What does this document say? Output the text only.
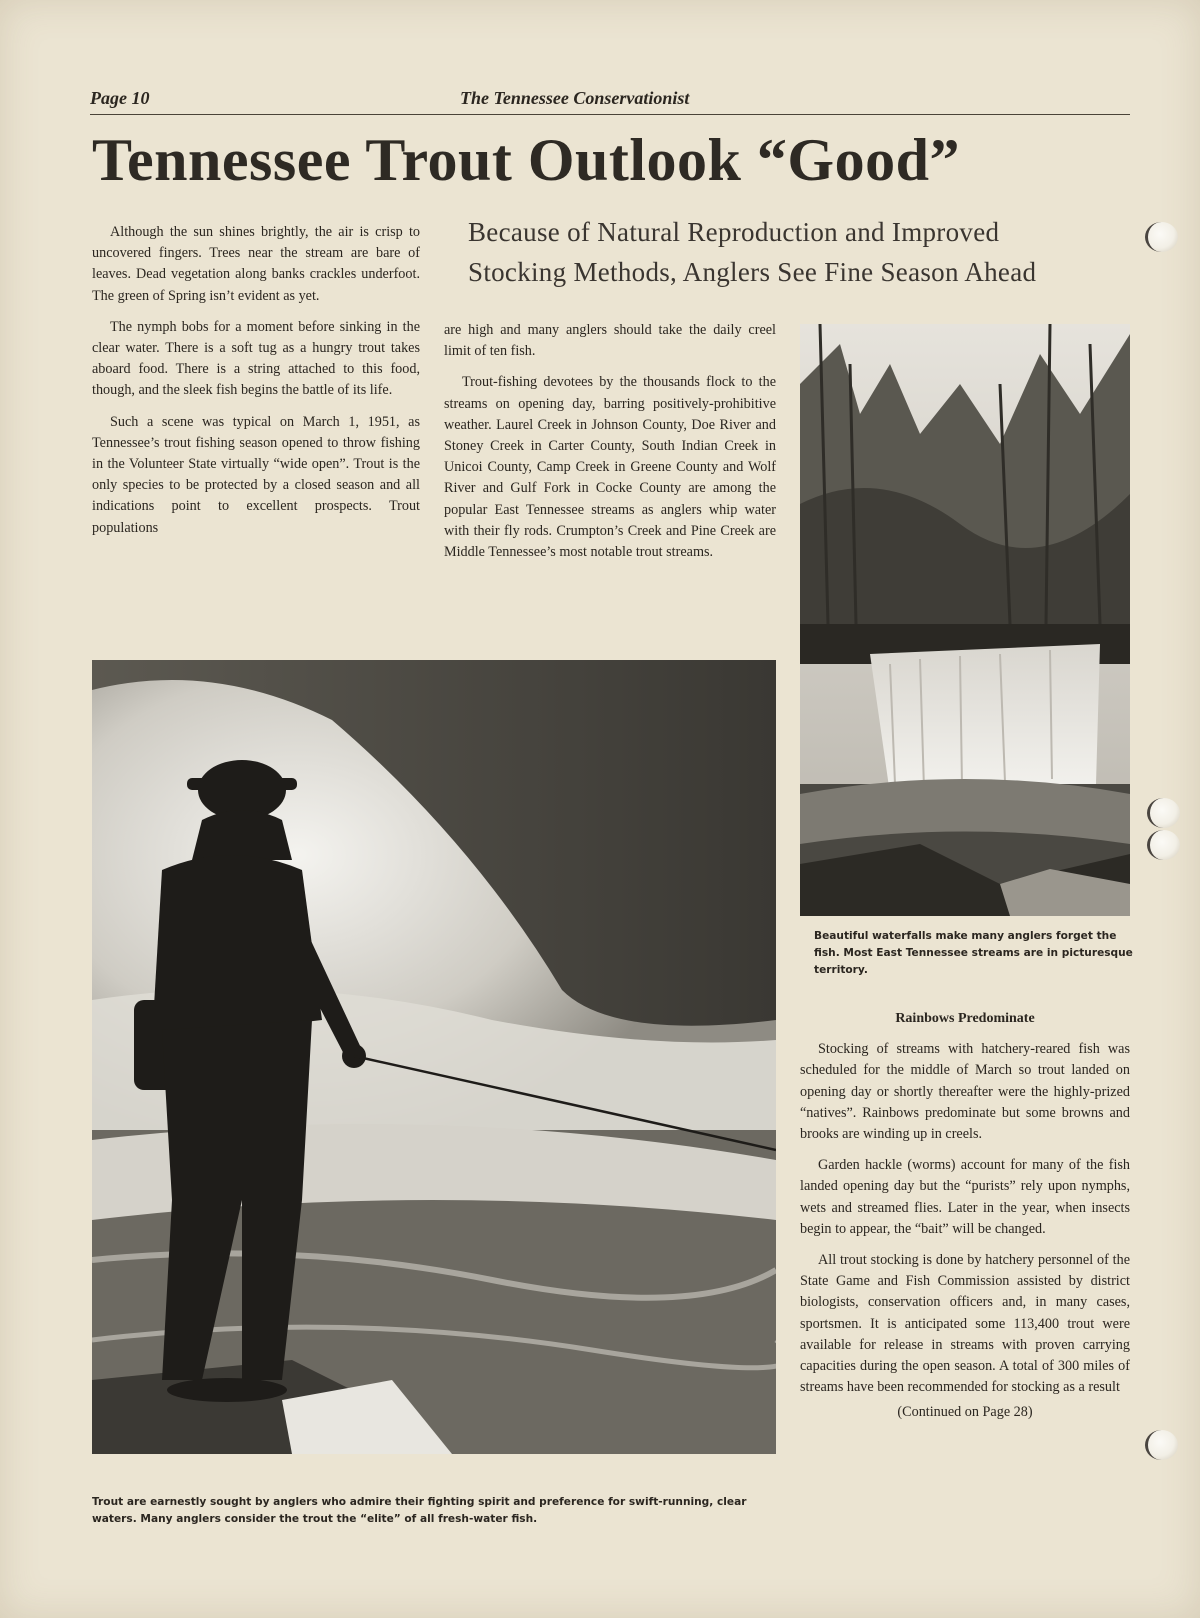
Page 10	The Tennessee Conservationist
Tennessee Trout Outlook “Good”
Because of Natural Reproduction and Improved
Stocking Methods, Anglers See Fine Season Ahead

Although the sun shines brightly, the air is crisp to uncovered fingers. Trees near the stream are bare of leaves. Dead vegetation along banks crackles underfoot. The green of Spring isn’t evident as yet.

The nymph bobs for a moment before sinking in the clear water. There is a soft tug as a hungry trout takes aboard food. There is a string attached to this food, though, and the sleek fish begins the battle of its life.

Such a scene was typical on March 1, 1951, as Tennessee’s trout fishing season opened to throw fishing in the Volunteer State virtually “wide open”. Trout is the only species to be protected by a closed season and all indications point to excellent prospects. Trout populations

are high and many anglers should take the daily creel limit of ten fish.

Trout-fishing devotees by the thousands flock to the streams on opening day, barring positively-prohibitive weather. Laurel Creek in Johnson County, Doe River and Stoney Creek in Carter County, South Indian Creek in Unicoi County, Camp Creek in Greene County and Wolf River and Gulf Fork in Cocke County are among the popular East Tennessee streams as anglers whip water with their fly rods. Crumpton’s Creek and Pine Creek are Middle Tennessee’s most notable trout streams.

Beautiful waterfalls make many anglers forget the fish. Most East Tennessee streams are in picturesque territory.
Trout are earnestly sought by anglers who admire their fighting spirit and preference for swift-running, clear waters. Many anglers consider the trout the “elite” of all fresh-water fish.

Rainbows Predominate

Stocking of streams with hatchery-reared fish was scheduled for the middle of March so trout landed on opening day or shortly thereafter were the highly-prized “natives”. Rainbows predominate but some browns and brooks are winding up in creels.

Garden hackle (worms) account for many of the fish landed opening day but the “purists” rely upon nymphs, wets and streamed flies. Later in the year, when insects begin to appear, the “bait” will be changed.

All trout stocking is done by hatchery personnel of the State Game and Fish Commission assisted by district biologists, conservation officers and, in many cases, sportsmen. It is anticipated some 113,400 trout were available for release in streams with proven carrying capacities during the open season. A total of 300 miles of streams have been recommended for stocking as a result

(Continued on Page 28)
